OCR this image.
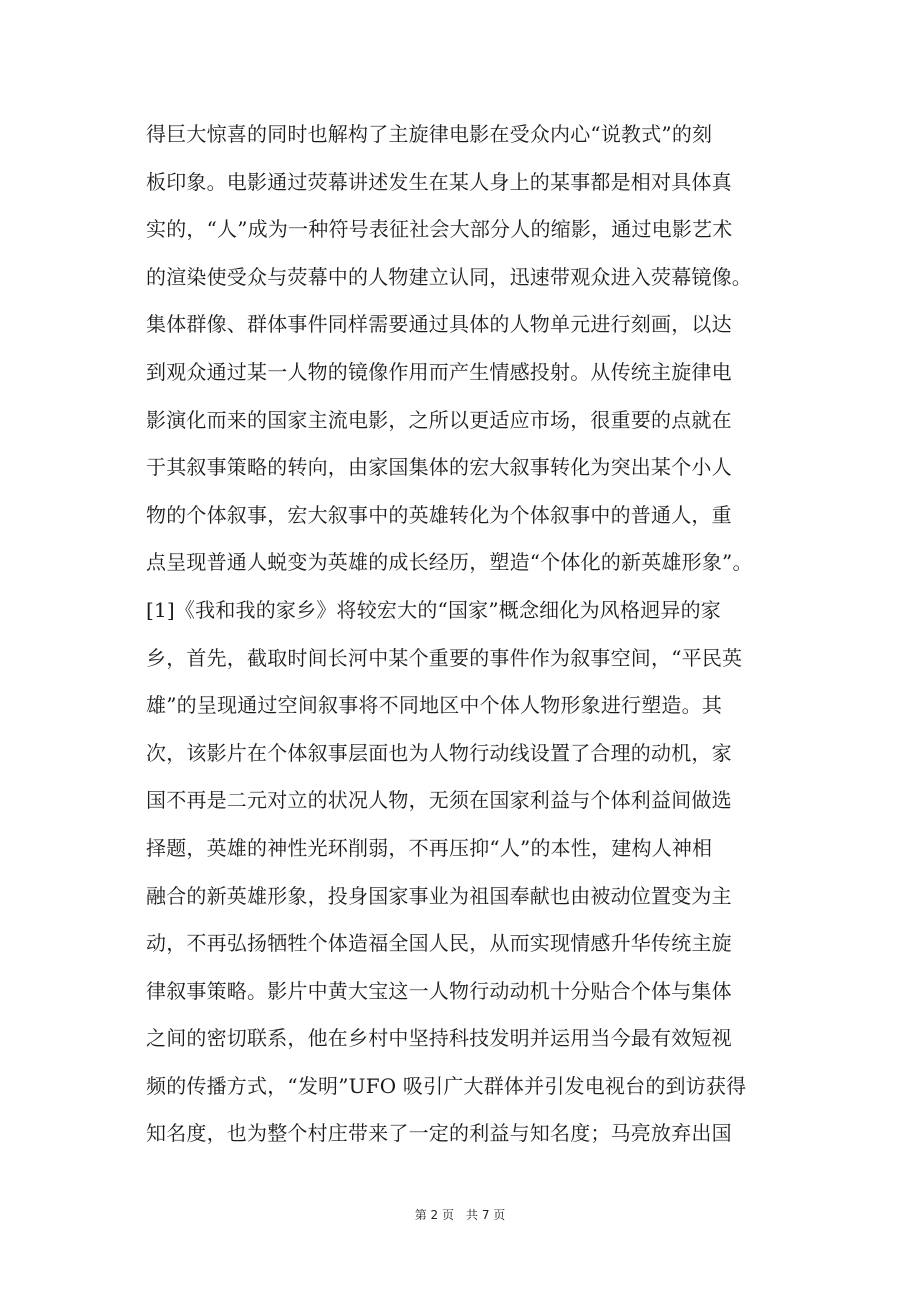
得巨大惊喜的同时也解构了主旋律电影在受众内心“说教式”的刻
板印象。电影通过荧幕讲述发生在某人身上的某事都是相对具体真
实的，“人”成为一种符号表征社会大部分人的缩影，通过电影艺术
的渲染使受众与荧幕中的人物建立认同，迅速带观众进入荧幕镜像。
集体群像、群体事件同样需要通过具体的人物单元进行刻画，以达
到观众通过某一人物的镜像作用而产生情感投射。从传统主旋律电
影演化而来的国家主流电影，之所以更适应市场，很重要的点就在
于其叙事策略的转向，由家国集体的宏大叙事转化为突出某个小人
物的个体叙事，宏大叙事中的英雄转化为个体叙事中的普通人，重
点呈现普通人蜕变为英雄的成长经历，塑造“个体化的新英雄形象”。
[1]《我和我的家乡》将较宏大的“国家”概念细化为风格迥异的家
乡，首先，截取时间长河中某个重要的事件作为叙事空间，“平民英
雄”的呈现通过空间叙事将不同地区中个体人物形象进行塑造。其
次，该影片在个体叙事层面也为人物行动线设置了合理的动机，家
国不再是二元对立的状况人物，无须在国家利益与个体利益间做选
择题，英雄的神性光环削弱，不再压抑“人”的本性，建构人神相
融合的新英雄形象，投身国家事业为祖国奉献也由被动位置变为主
动，不再弘扬牺牲个体造福全国人民，从而实现情感升华传统主旋
律叙事策略。影片中黄大宝这一人物行动动机十分贴合个体与集体
之间的密切联系，他在乡村中坚持科技发明并运用当今最有效短视
频的传播方式，“发明”UFO 吸引广大群体并引发电视台的到访获得
知名度，也为整个村庄带来了一定的利益与知名度；马亮放弃出国
第 2 页　共 7 页
